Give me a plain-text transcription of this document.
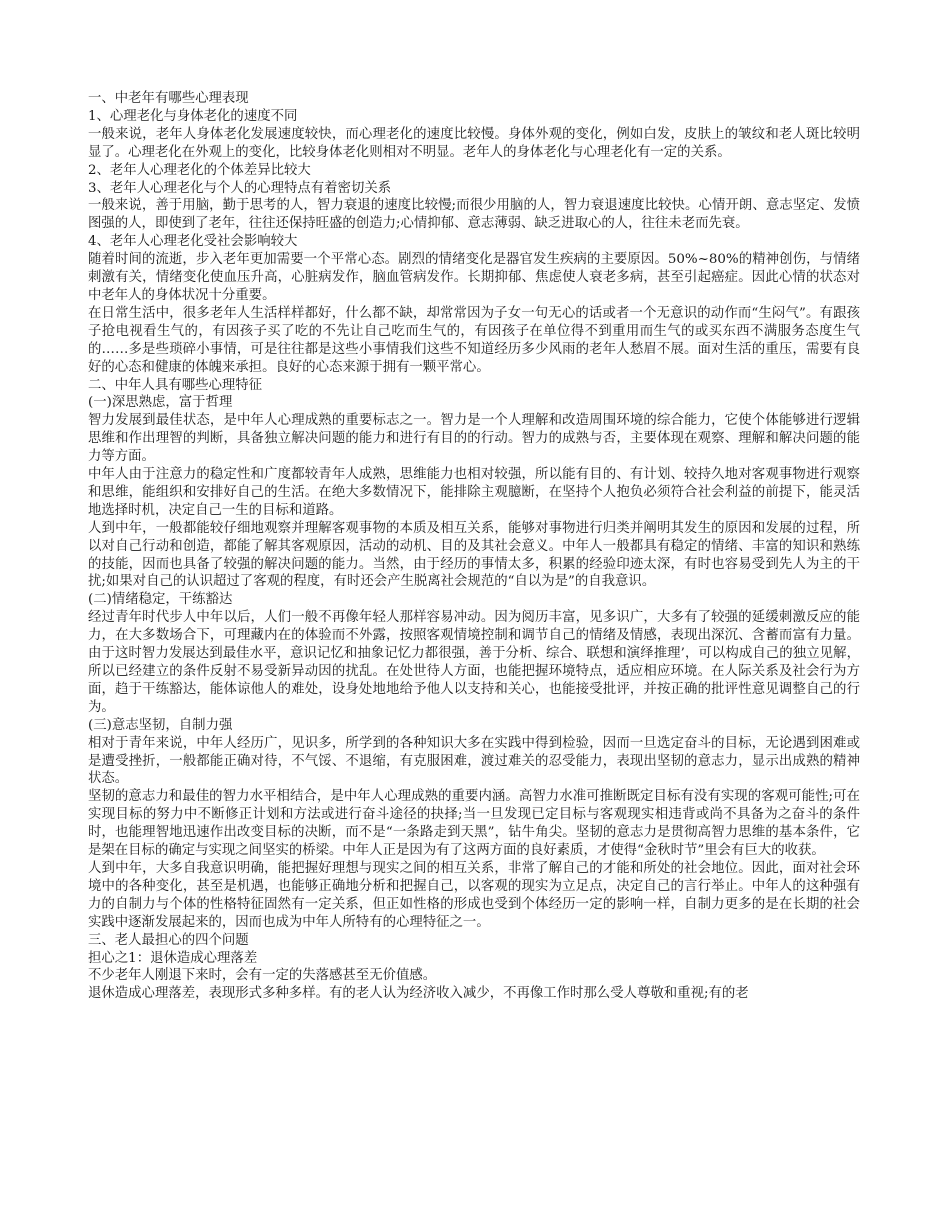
一、中老年有哪些心理表现

1、心理老化与身体老化的速度不同

一般来说，老年人身体老化发展速度较快，而心理老化的速度比较慢。身体外观的变化，例如白发，皮肤上的皱纹和老人斑比较明显了。心理老化在外观上的变化，比较身体老化则相对不明显。老年人的身体老化与心理老化有一定的关系。

2、老年人心理老化的个体差异比较大

3、老年人心理老化与个人的心理特点有着密切关系

一般来说，善于用脑，勤于思考的人，智力衰退的速度比较慢;而很少用脑的人，智力衰退速度比较快。心情开朗、意志坚定、发愤图强的人，即使到了老年，往往还保持旺盛的创造力;心情抑郁、意志薄弱、缺乏进取心的人，往往未老而先衰。

4、老年人心理老化受社会影响较大

随着时间的流逝，步入老年更加需要一个平常心态。剧烈的情绪变化是器官发生疾病的主要原因。50%~80%的精神创伤，与情绪刺激有关，情绪变化使血压升高，心脏病发作，脑血管病发作。长期抑郁、焦虑使人衰老多病，甚至引起癌症。因此心情的状态对中老年人的身体状况十分重要。

在日常生活中，很多老年人生活样样都好，什么都不缺，却常常因为子女一句无心的话或者一个无意识的动作而“生闷气”。有跟孩子抢电视看生气的，有因孩子买了吃的不先让自己吃而生气的，有因孩子在单位得不到重用而生气的或买东西不满服务态度生气的……多是些琐碎小事情，可是往往都是这些小事情我们这些不知道经历多少风雨的老年人愁眉不展。面对生活的重压，需要有良好的心态和健康的体魄来承担。良好的心态来源于拥有一颗平常心。

二、中年人具有哪些心理特征

(一)深思熟虑，富于哲理

智力发展到最佳状态，是中年人心理成熟的重要标志之一。智力是一个人理解和改造周围环境的综合能力，它使个体能够进行逻辑思维和作出理智的判断，具备独立解决问题的能力和进行有目的的行动。智力的成熟与否，主要体现在观察、理解和解决问题的能力等方面。

中年人由于注意力的稳定性和广度都较青年人成熟，思维能力也相对较强，所以能有目的、有计划、较持久地对客观事物进行观察和思维，能组织和安排好自己的生活。在绝大多数情况下，能排除主观臆断，在坚持个人抱负必须符合社会利益的前提下，能灵活地选择时机，决定自己一生的目标和道路。

人到中年，一般都能较仔细地观察并理解客观事物的本质及相互关系，能够对事物进行归类并阐明其发生的原因和发展的过程，所以对自己行动和创造，都能了解其客观原因，活动的动机、目的及其社会意义。中年人一般都具有稳定的情绪、丰富的知识和熟练的技能，因而也具备了较强的解决问题的能力。当然，由于经历的事情太多，积累的经验印迹太深，有时也容易受到先人为主的干扰;如果对自己的认识超过了客观的程度，有时还会产生脱离社会规范的“自以为是”的自我意识。

(二)情绪稳定，干练豁达

经过青年时代步人中年以后，人们一般不再像年轻人那样容易冲动。因为阅历丰富，见多识广，大多有了较强的延缓刺激反应的能力，在大多数场合下，可理藏内在的体验而不外露，按照客观情境控制和调节自己的情绪及情感，表现出深沉、含蓄而富有力量。由于这时智力发展达到最佳水平，意识记忆和抽象记忆力都很强，善于分析、综合、联想和演绎推理’，可以构成自己的独立见解，所以已经建立的条件反射不易受新异动因的扰乱。在处世待人方面，也能把握环境特点，适应相应环境。在人际关系及社会行为方面，趋于干练豁达，能体谅他人的难处，设身处地地给予他人以支持和关心，也能接受批评，并按正确的批评性意见调整自己的行为。

(三)意志坚韧，自制力强

相对于青年来说，中年人经历广，见识多，所学到的各种知识大多在实践中得到检验，因而一旦选定奋斗的目标，无论遇到困难或是遭受挫折，一般都能正确对待，不气馁、不退缩，有克服困难，渡过难关的忍受能力，表现出坚韧的意志力，显示出成熟的精神状态。

坚韧的意志力和最佳的智力水平相结合，是中年人心理成熟的重要内涵。高智力水准可推断既定目标有没有实现的客观可能性;可在实现目标的努力中不断修正计划和方法或进行奋斗途径的抉择;当一旦发现已定目标与客观现实相违背或尚不具备为之奋斗的条件时，也能理智地迅速作出改变目标的决断，而不是“一条路走到天黑”，钻牛角尖。坚韧的意志力是贯彻高智力思维的基本条件，它是架在目标的确定与实现之间坚实的桥梁。中年人正是因为有了这两方面的良好素质，才使得“金秋时节”里会有巨大的收获。

人到中年，大多自我意识明确，能把握好理想与现实之间的相互关系，非常了解自己的才能和所处的社会地位。因此，面对社会环境中的各种变化，甚至是机遇，也能够正确地分析和把握自己，以客观的现实为立足点，决定自己的言行举止。中年人的这种强有力的自制力与个体的性格特征固然有一定关系，但正如性格的形成也受到个体经历一定的影响一样，自制力更多的是在长期的社会实践中逐渐发展起来的，因而也成为中年人所特有的心理特征之一。

三、老人最担心的四个问题

担心之1：退休造成心理落差

不少老年人刚退下来时，会有一定的失落感甚至无价值感。

退休造成心理落差，表现形式多种多样。有的老人认为经济收入减少，不再像工作时那么受人尊敬和重视;有的老
